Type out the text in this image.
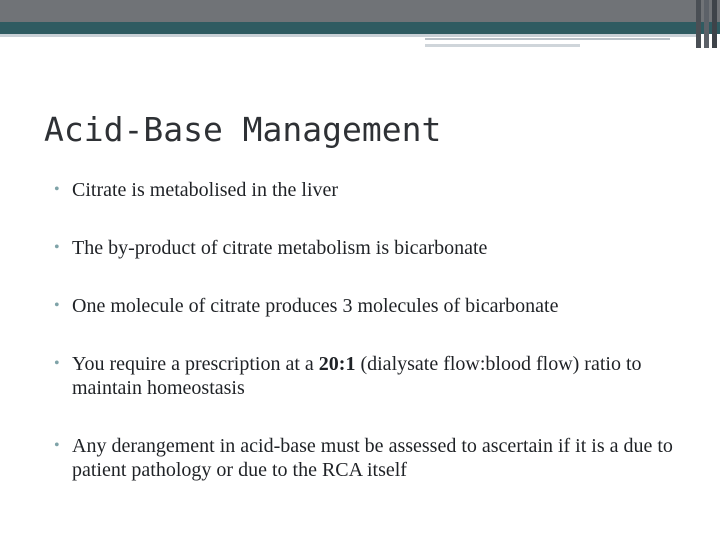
Acid-Base Management
• Citrate is metabolised in the liver
• The by-product of citrate metabolism is bicarbonate
• One molecule of citrate produces 3 molecules of bicarbonate
• You require a prescription at a 20:1 (dialysate flow:blood flow) ratio to maintain homeostasis
• Any derangement in acid-base must be assessed to ascertain if it is a due to patient pathology or due to the RCA itself
